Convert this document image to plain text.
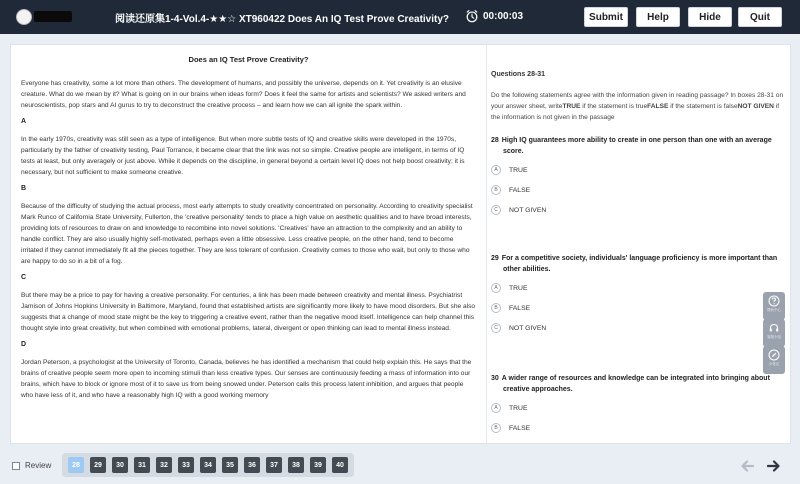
阅读还原集1-4-Vol.4-★★☆ XT960422 Does An IQ Test Prove Creativity?	00:00:03	Submit	Help	Hide	Quit
Does an IQ Test Prove Creativity?
Everyone has creativity, some a lot more than others. The development of humans, and possibly the universe, depends on it. Yet creativity is an elusive creature. What do we mean by it? What is going on in our brains when ideas form? Does it feel the same for artists and scientists? We asked writers and neuroscientists, pop stars and AI gurus to try to deconstruct the creative process – and learn how we can all ignite the spark within.
A
In the early 1970s, creativity was still seen as a type of intelligence. But when more subtle tests of IQ and creative skills were developed in the 1970s, particularly by the father of creativity testing, Paul Torrance, it became clear that the link was not so simple. Creative people are intelligent, in terms of IQ tests at least, but only averagely or just above. While it depends on the discipline, in general beyond a certain level IQ does not help boost creativity; it is necessary, but not sufficient to make someone creative.
B
Because of the difficulty of studying the actual process, most early attempts to study creativity concentrated on personality. According to creativity specialist Mark Runco of California State University, Fullerton, the 'creative personality' tends to place a high value on aesthetic qualities and to have broad interests, providing lots of resources to draw on and knowledge to recombine into novel solutions. 'Creatives' have an attraction to the complexity and an ability to handle conflict. They are also usually highly self-motivated, perhaps even a little obsessive. Less creative people, on the other hand, tend to become irritated if they cannot immediately fit all the pieces together. They are less tolerant of confusion. Creativity comes to those who wait, but only to those who are happy to do so in a bit of a fog.
C
But there may be a price to pay for having a creative personality. For centuries, a link has been made between creativity and mental illness. Psychiatrist Jamison of Johns Hopkins University in Baltimore, Maryland, found that established artists are significantly more likely to have mood disorders. But she also suggests that a change of mood state might be the key to triggering a creative event, rather than the negative mood itself. Intelligence can help channel this thought style into great creativity, but when combined with emotional problems, lateral, divergent or open thinking can lead to mental illness instead.
D
Jordan Peterson, a psychologist at the University of Toronto, Canada, believes he has identified a mechanism that could help explain this. He says that the brains of creative people seem more open to incoming stimuli than less creative types. Our senses are continuously feeding a mass of information into our brains, which have to block or ignore most of it to save us from being snowed under. Peterson calls this process latent inhibition, and argues that people who have less of it, and who have a reasonably high IQ with a good working memory
Questions 28-31
Do the following statements agree with the information given in reading passage? In boxes 28-31 on your answer sheet, writeTRUE if the statement is trueFALSE if the statement is falseNOT GIVEN if the information is not given in the passage
28 High IQ guarantees more ability to create in one person than one with an average score.
A	TRUE
B	FALSE
C	NOT GIVEN
29 For a competitive society, individuals' language proficiency is more important than other abilities.
A	TRUE
B	FALSE
C	NOT GIVEN
30 A wider range of resources and knowledge can be integrated into bringing about creative approaches.
A	TRUE
B	FALSE
帮助中心
客服小组
小笔记
Review	28	29	30	31	32	33	34	35	36	37	38	39	40
